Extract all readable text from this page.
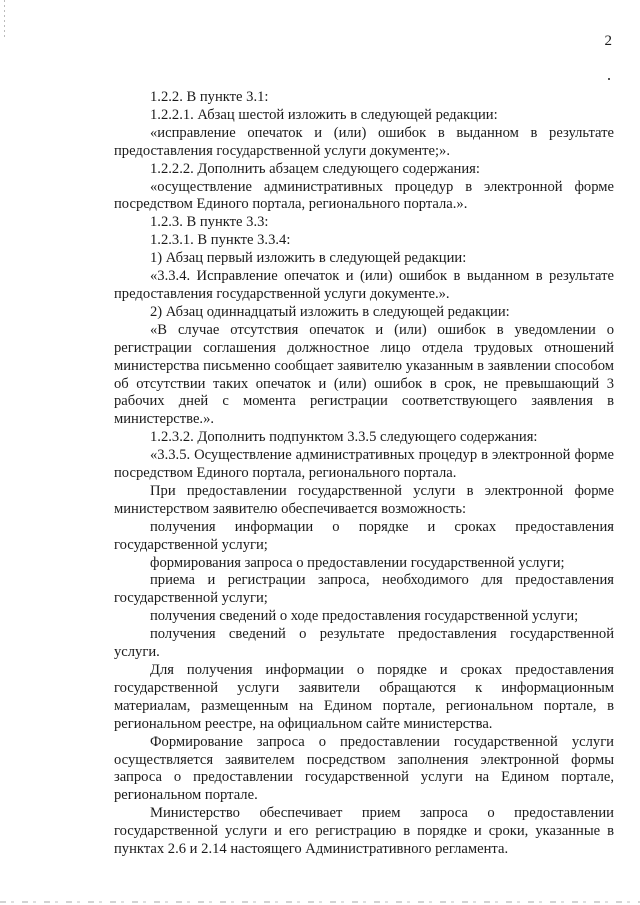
2

1.2.2. В пункте 3.1:

1.2.2.1. Абзац шестой изложить в следующей редакции:

«исправление опечаток и (или) ошибок в выданном в результате предоставления государственной услуги документе;».

1.2.2.2. Дополнить абзацем следующего содержания:

«осуществление административных процедур в электронной форме посредством Единого портала, регионального портала.».

1.2.3. В пункте 3.3:

1.2.3.1. В пункте 3.3.4:

1) Абзац первый изложить в следующей редакции:

«3.3.4. Исправление опечаток и (или) ошибок в выданном в результате предоставления государственной услуги документе.».

2) Абзац одиннадцатый изложить в следующей редакции:

«В случае отсутствия опечаток и (или) ошибок в уведомлении о регистрации соглашения должностное лицо отдела трудовых отношений министерства письменно сообщает заявителю указанным в заявлении способом об отсутствии таких опечаток и (или) ошибок в срок, не превышающий 3 рабочих дней с момента регистрации соответствующего заявления в министерстве.».

1.2.3.2. Дополнить подпунктом 3.3.5 следующего содержания:

«3.3.5. Осуществление административных процедур в электронной форме посредством Единого портала, регионального портала.

При предоставлении государственной услуги в электронной форме министерством заявителю обеспечивается возможность:

получения информации о порядке и сроках предоставления государственной услуги;

формирования запроса о предоставлении государственной услуги;

приема и регистрации запроса, необходимого для предоставления государственной услуги;

получения сведений о ходе предоставления государственной услуги;

получения сведений о результате предоставления государственной услуги.

Для получения информации о порядке и сроках предоставления государственной услуги заявители обращаются к информационным материалам, размещенным на Едином портале, региональном портале, в региональном реестре, на официальном сайте министерства.

Формирование запроса о предоставлении государственной услуги осуществляется заявителем посредством заполнения электронной формы запроса о предоставлении государственной услуги на Едином портале, региональном портале.

Министерство обеспечивает прием запроса о предоставлении государственной услуги и его регистрацию в порядке и сроки, указанные в пунктах 2.6 и 2.14 настоящего Административного регламента.
